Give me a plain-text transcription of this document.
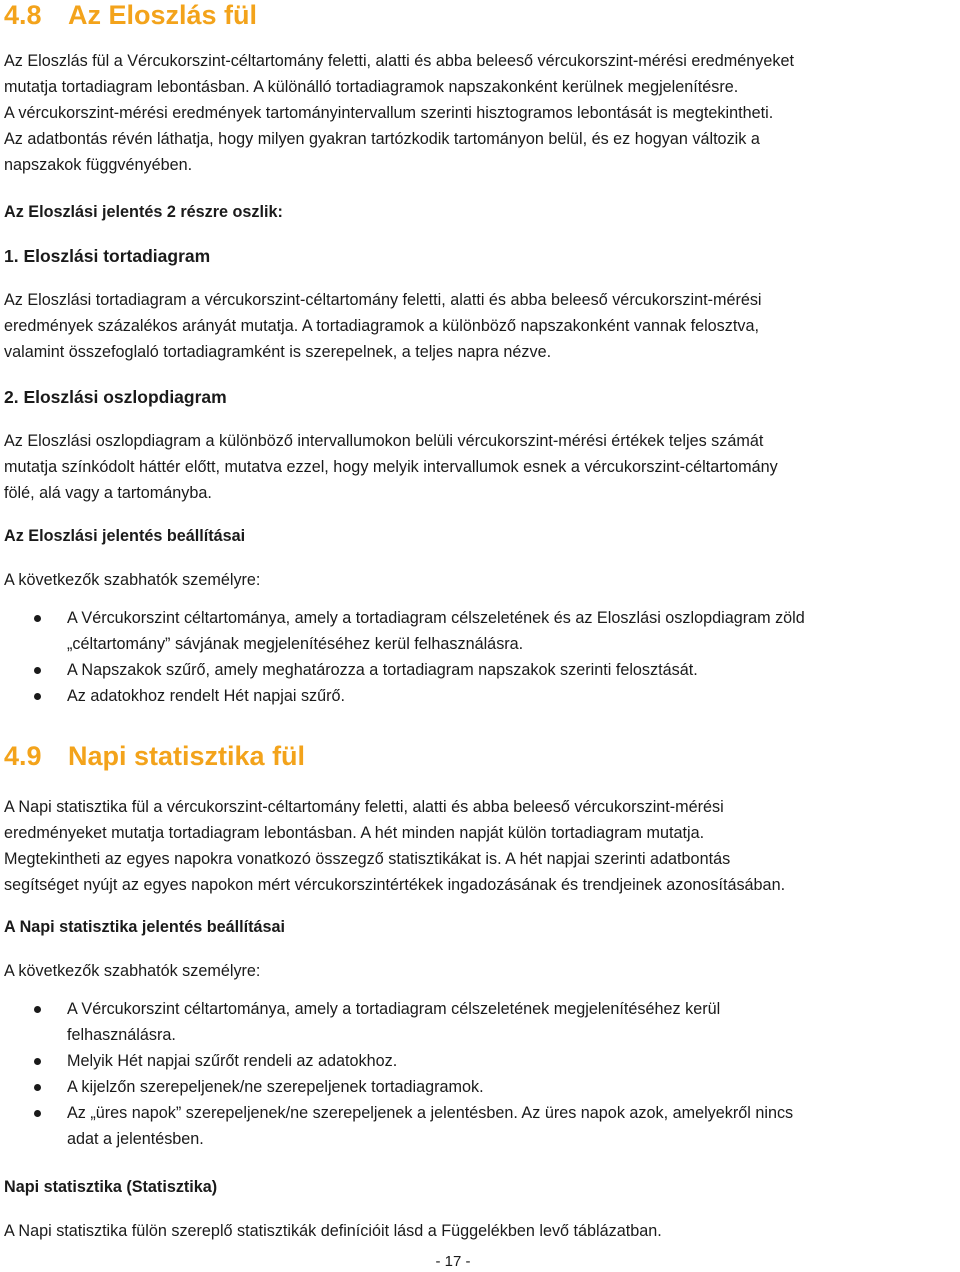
4.8 Az Eloszlás fül

Az Eloszlás fül a Vércukorszint-céltartomány feletti, alatti és abba beleeső vércukorszint-mérési eredményeket

mutatja tortadiagram lebontásban. A különálló tortadiagramok napszakonként kerülnek megjelenítésre.

A vércukorszint-mérési eredmények tartományintervallum szerinti hisztogramos lebontását is megtekintheti.

Az adatbontás révén láthatja, hogy milyen gyakran tartózkodik tartományon belül, és ez hogyan változik a

napszakok függvényében.

Az Eloszlási jelentés 2 részre oszlik:

1. Eloszlási tortadiagram

Az Eloszlási tortadiagram a vércukorszint-céltartomány feletti, alatti és abba beleeső vércukorszint-mérési

eredmények százalékos arányát mutatja. A tortadiagramok a különböző napszakonként vannak felosztva,

valamint összefoglaló tortadiagramként is szerepelnek, a teljes napra nézve.

2. Eloszlási oszlopdiagram

Az Eloszlási oszlopdiagram a különböző intervallumokon belüli vércukorszint-mérési értékek teljes számát

mutatja színkódolt háttér előtt, mutatva ezzel, hogy melyik intervallumok esnek a vércukorszint-céltartomány

fölé, alá vagy a tartományba.

Az Eloszlási jelentés beállításai

A következők szabhatók személyre:

A Vércukorszint céltartománya, amely a tortadiagram célszeletének és az Eloszlási oszlopdiagram zöld
„céltartomány” sávjának megjelenítéséhez kerül felhasználásra.
A Napszakok szűrő, amely meghatározza a tortadiagram napszakok szerinti felosztását.
Az adatokhoz rendelt Hét napjai szűrő.
4.9 Napi statisztika fül

A Napi statisztika fül a vércukorszint-céltartomány feletti, alatti és abba beleeső vércukorszint-mérési

eredményeket mutatja tortadiagram lebontásban. A hét minden napját külön tortadiagram mutatja.

Megtekintheti az egyes napokra vonatkozó összegző statisztikákat is. A hét napjai szerinti adatbontás

segítséget nyújt az egyes napokon mért vércukorszintértékek ingadozásának és trendjeinek azonosításában.

A Napi statisztika jelentés beállításai

A következők szabhatók személyre:

A Vércukorszint céltartománya, amely a tortadiagram célszeletének megjelenítéséhez kerül
felhasználásra.
Melyik Hét napjai szűrőt rendeli az adatokhoz.
A kijelzőn szerepeljenek/ne szerepeljenek tortadiagramok.
Az „üres napok” szerepeljenek/ne szerepeljenek a jelentésben. Az üres napok azok, amelyekről nincs
adat a jelentésben.

Napi statisztika (Statisztika)

A Napi statisztika fülön szereplő statisztikák definícióit lásd a Függelékben levő táblázatban.

- 17 -
